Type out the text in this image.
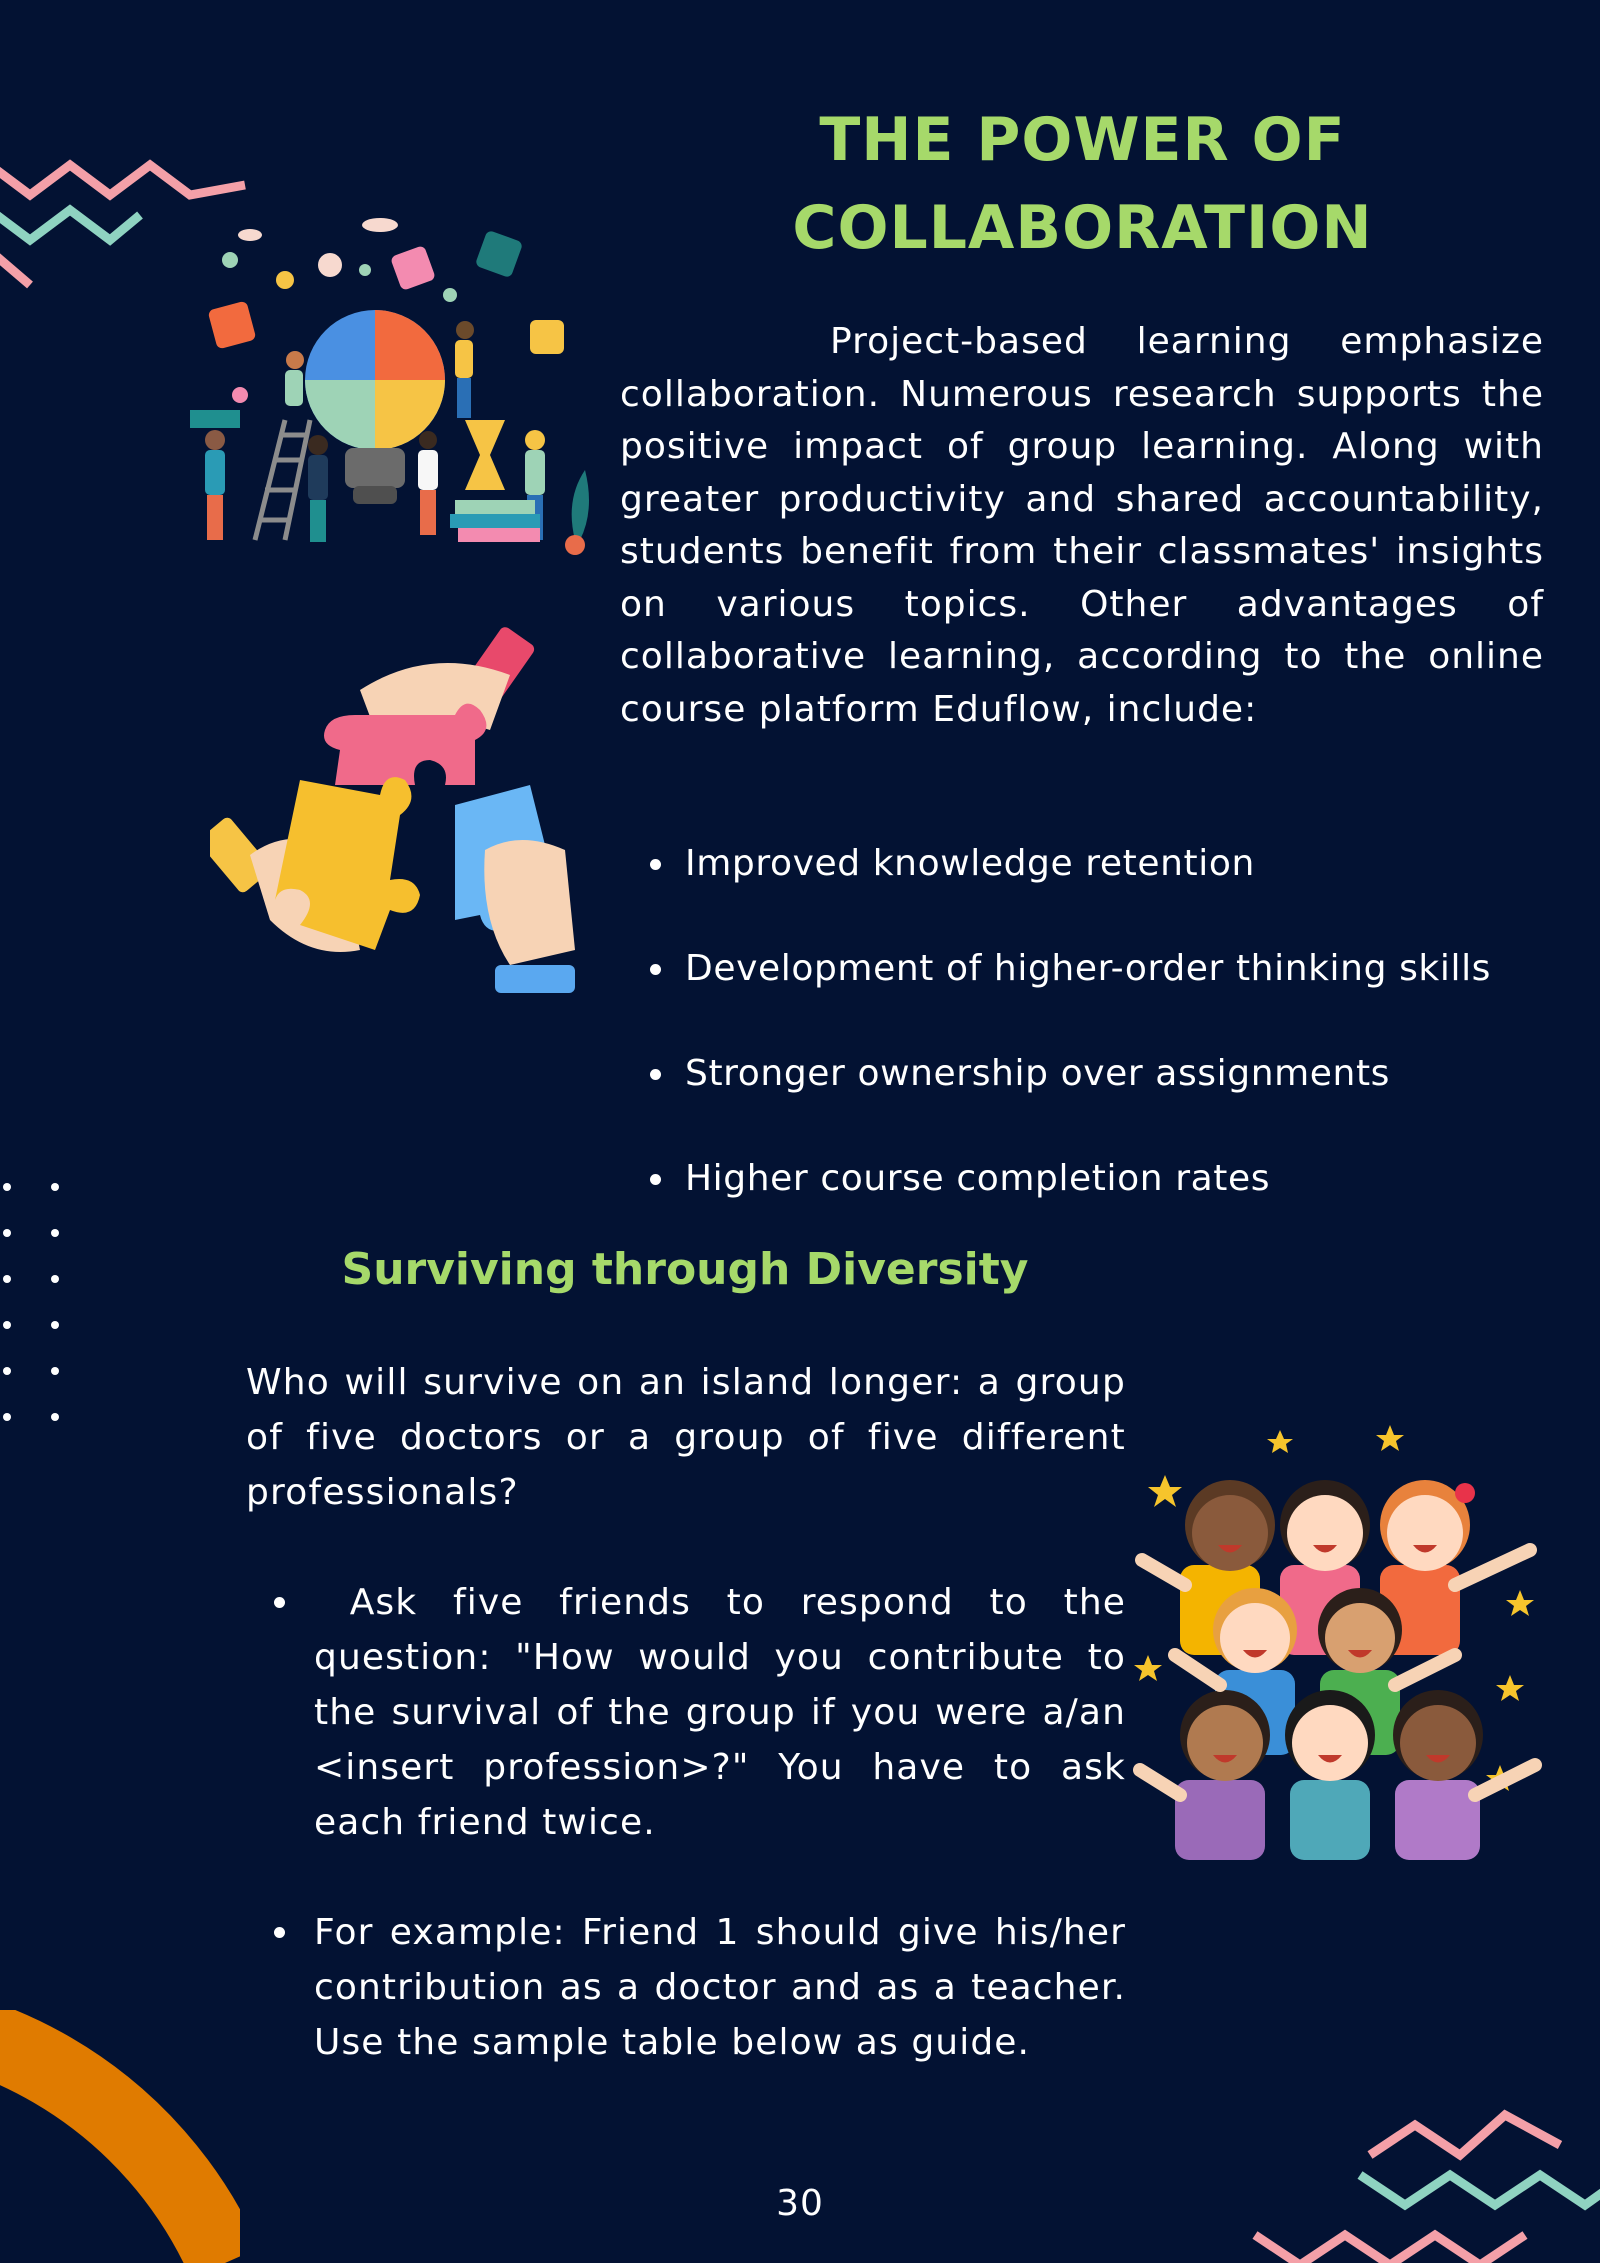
THE POWER OF
COLLABORATION
Project-based learning emphasize collaboration. Numerous research supports the positive impact of group learning. Along with greater productivity and shared accountability, students benefit from their classmates' insights on various topics. Other advantages of collaborative learning, according to the online course platform Eduflow, include:
Improved knowledge retention
Development of higher-order thinking skills
Stronger ownership over assignments
Higher course completion rates
Surviving through Diversity
Who will survive on an island longer: a group of five doctors or a group of five different professionals?
Ask five friends to respond to the question: "How would you contribute to the survival of the group if you were a/an <insert profession>?" You have to ask each friend twice.
For example: Friend 1 should give his/her contribution as a doctor and as a teacher. Use the sample table below as guide.
30
